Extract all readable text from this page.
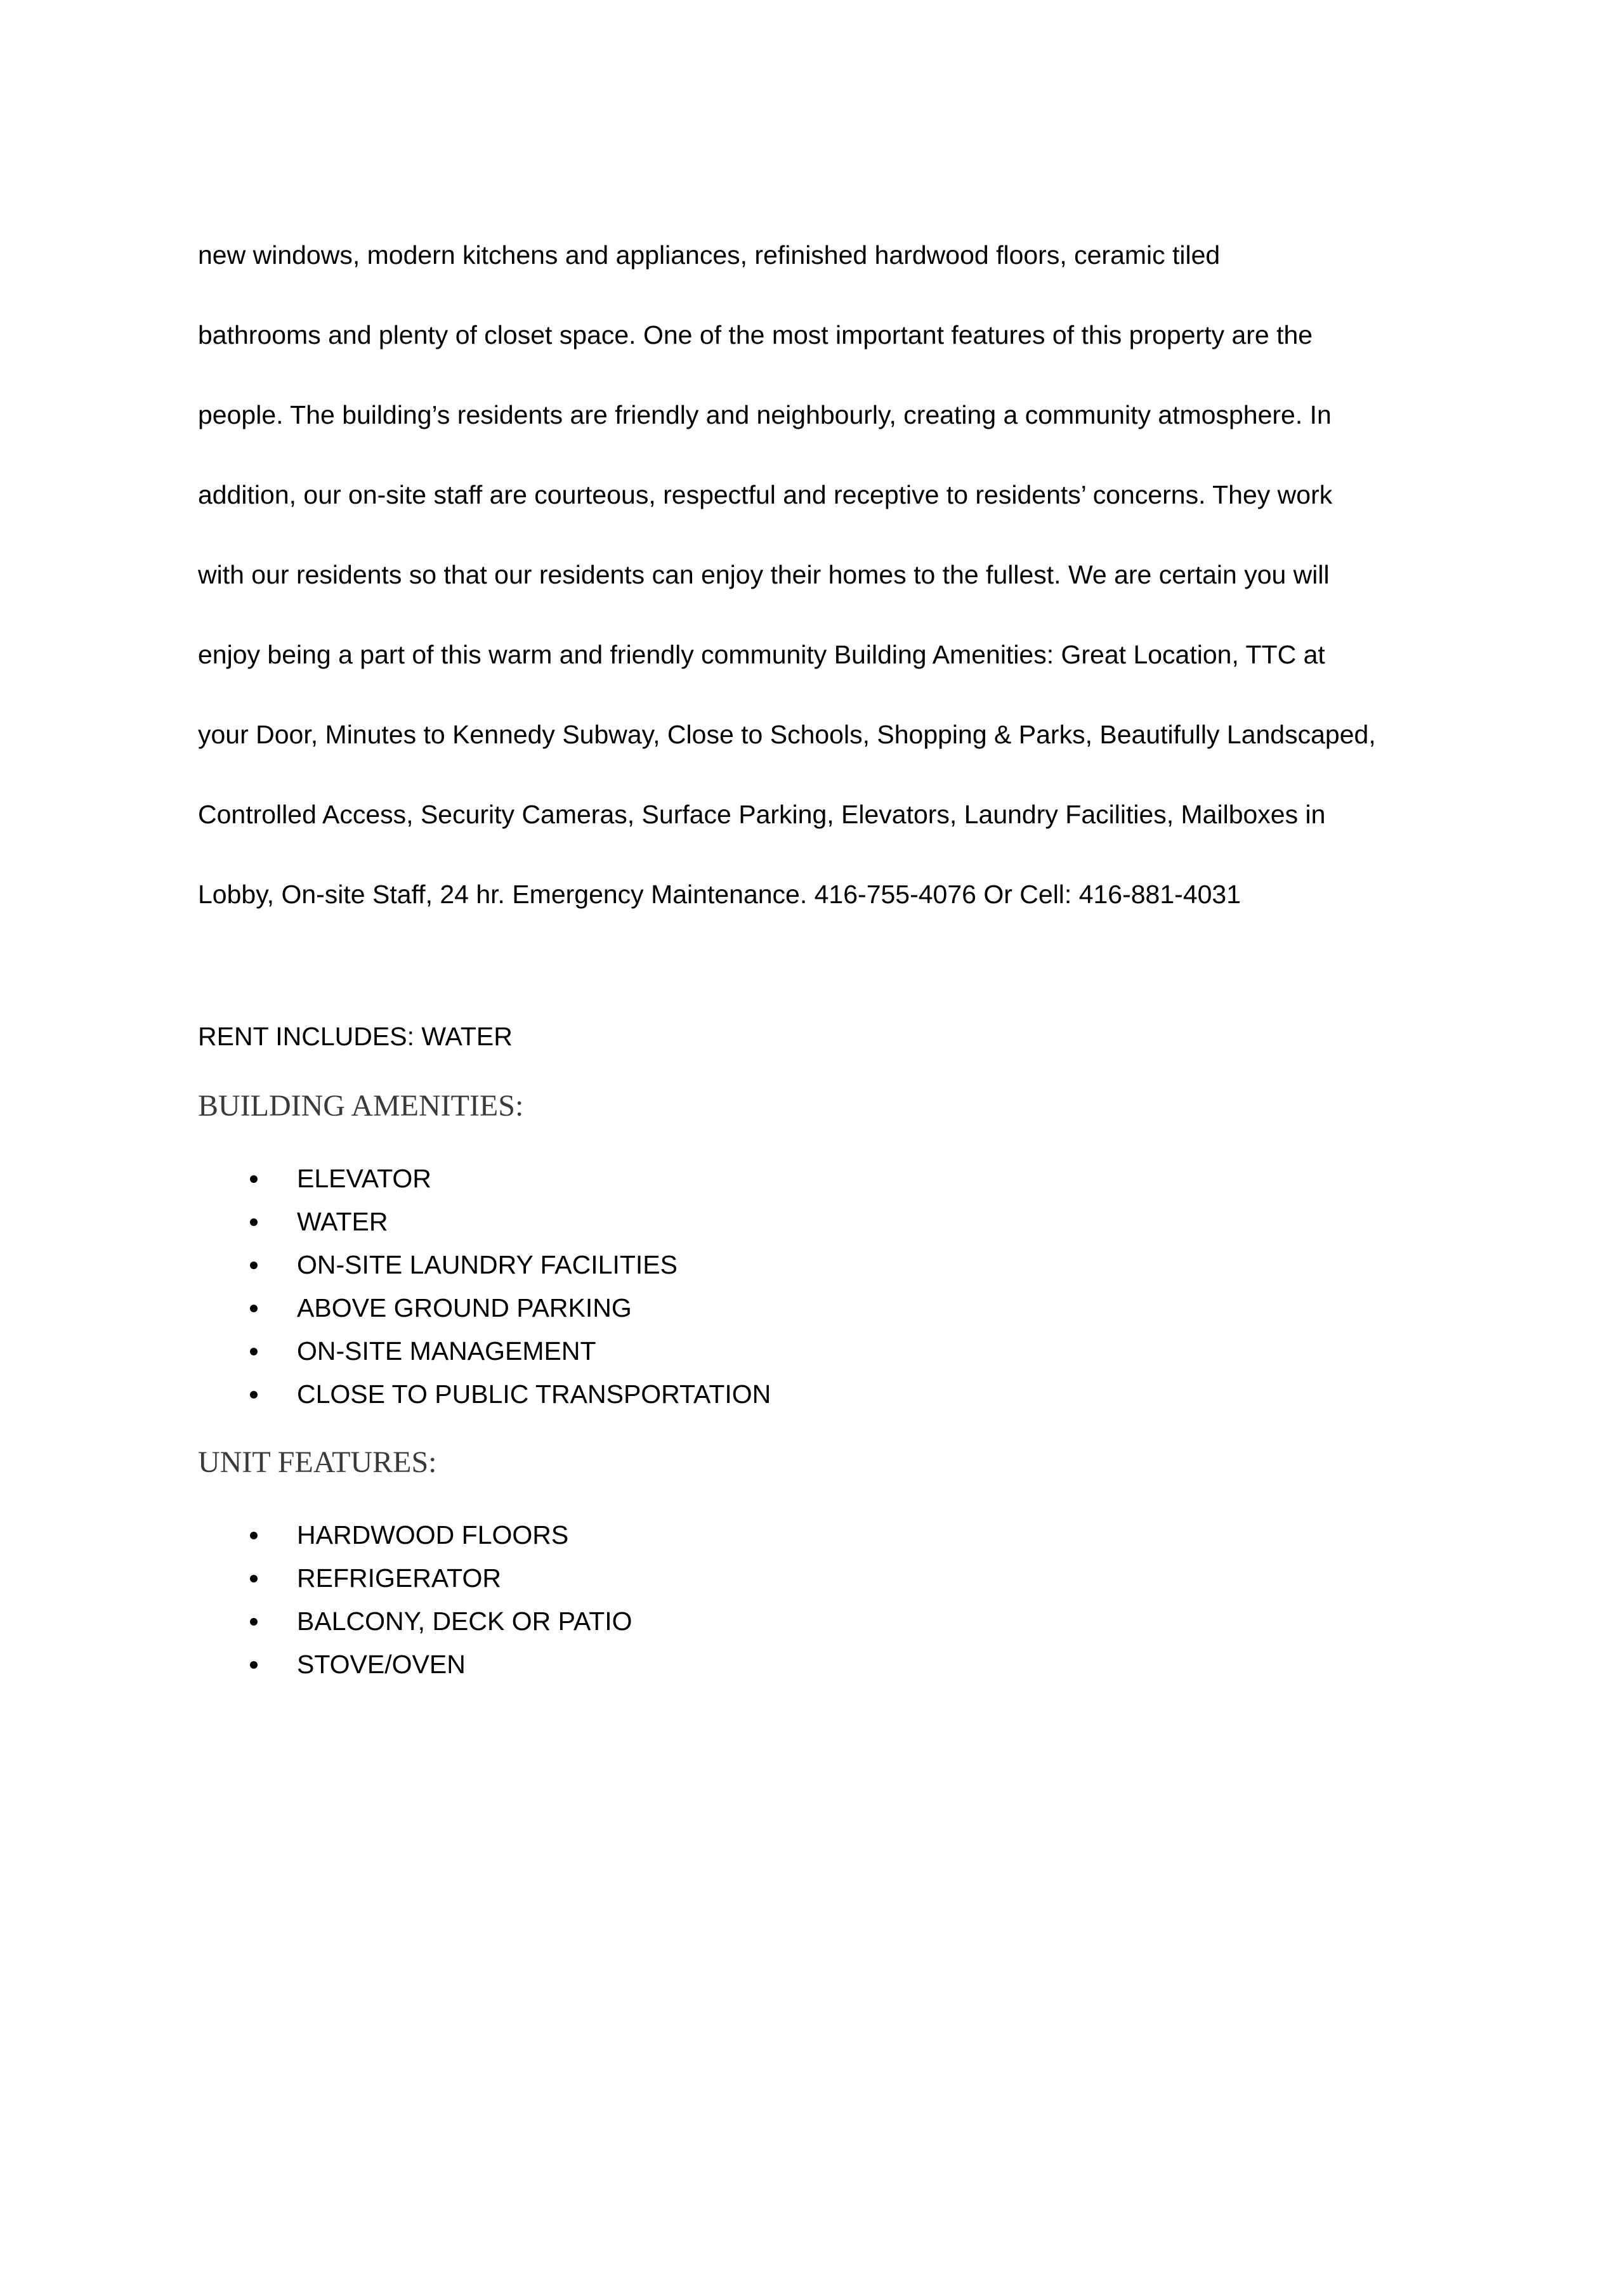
new windows, modern kitchens and appliances, refinished hardwood floors, ceramic tiled

bathrooms and plenty of closet space. One of the most important features of this property are the

people. The building’s residents are friendly and neighbourly, creating a community atmosphere. In

addition, our on-site staff are courteous, respectful and receptive to residents’ concerns. They work

with our residents so that our residents can enjoy their homes to the fullest. We are certain you will

enjoy being a part of this warm and friendly community Building Amenities: Great Location, TTC at

your Door, Minutes to Kennedy Subway, Close to Schools, Shopping & Parks, Beautifully Landscaped,

Controlled Access, Security Cameras, Surface Parking, Elevators, Laundry Facilities, Mailboxes in

Lobby, On-site Staff, 24 hr. Emergency Maintenance. 416-755-4076 Or Cell: 416-881-4031

RENT INCLUDES: WATER

BUILDING AMENITIES:
ELEVATOR
WATER
ON-SITE LAUNDRY FACILITIES
ABOVE GROUND PARKING
ON-SITE MANAGEMENT
CLOSE TO PUBLIC TRANSPORTATION
UNIT FEATURES:
HARDWOOD FLOORS
REFRIGERATOR
BALCONY, DECK OR PATIO
STOVE/OVEN
